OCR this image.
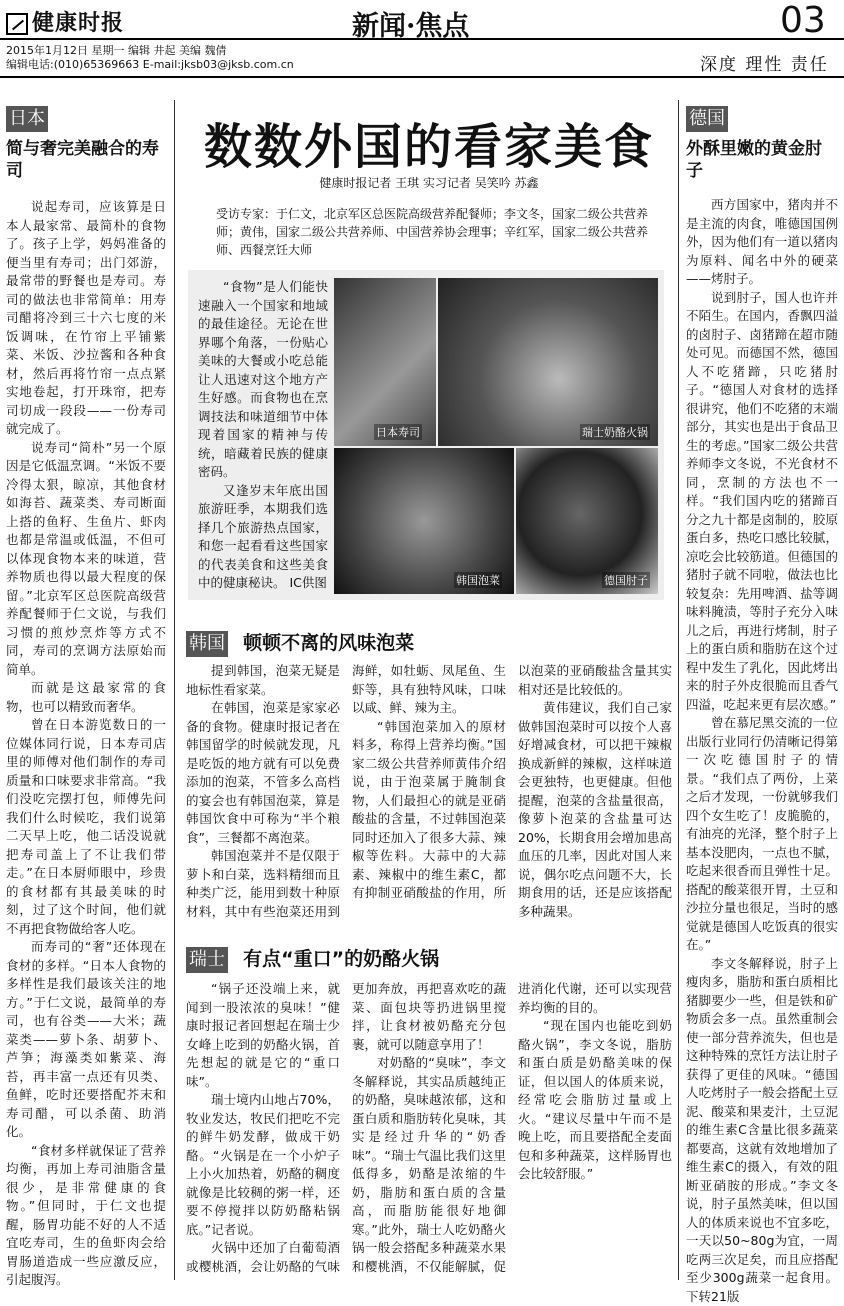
健康时报	新闻·焦点	03
2015年1月12日 星期一 编辑 井起 美编 魏倩
编辑电话:(010)65369663 E-mail:jksb03@jksb.com.cn	深度 理性 责任
日本
简与奢完美融合的寿司

说起寿司，应该算是日本人最家常、最简朴的食物了。孩子上学，妈妈准备的便当里有寿司；出门郊游，最常带的野餐也是寿司。寿司的做法也非常简单：用寿司醋将冷到三十六七度的米饭调味，在竹帘上平铺紫菜、米饭、沙拉酱和各种食材，然后再将竹帘一点点紧实地卷起，打开珠帘，把寿司切成一段段——一份寿司就完成了。

说寿司“简朴”另一个原因是它低温烹调。“米饭不要冷得太狠，晾凉，其他食材如海苔、蔬菜类、寿司断面上搭的鱼籽、生鱼片、虾肉也都是常温或低温，不但可以体现食物本来的味道，营养物质也得以最大程度的保留。”北京军区总医院高级营养配餐师于仁文说，与我们习惯的煎炒烹炸等方式不同，寿司的烹调方法原始而简单。

而就是这最家常的食物，也可以精致而奢华。

曾在日本游览数日的一位媒体同行说，日本寿司店里的师傅对他们制作的寿司质量和口味要求非常高。“我们没吃完摆打包，师傅先问我们什么时候吃，我们说第二天早上吃，他二话没说就把寿司盖上了不让我们带走。”在日本厨师眼中，珍贵的食材都有其最美味的时刻，过了这个时间，他们就不再把食物做给客人吃。

而寿司的“奢”还体现在食材的多样。“日本人食物的多样性是我们最该关注的地方。”于仁文说，最简单的寿司，也有谷类——大米；蔬菜类——萝卜条、胡萝卜、芦笋；海藻类如紫菜、海苔，再丰富一点还有贝类、鱼鲜，吃时还要搭配芥末和寿司醋，可以杀菌、助消化。

“食材多样就保证了营养均衡，再加上寿司油脂含量很少，是非常健康的食物。”但同时，于仁文也提醒，肠胃功能不好的人不适宜吃寿司，生的鱼虾肉会给胃肠道造成一些应激反应，引起腹泻。

数数外国的看家美食
健康时报记者 王琪 实习记者 吴笑吟 苏鑫
受访专家：于仁文，北京军区总医院高级营养配餐师；李文冬，国家二级公共营养师；黄伟，国家二级公共营养师、中国营养协会理事；辛红军，国家二级公共营养师、西餐烹饪大师

“食物”是人们能快速融入一个国家和地域的最佳途径。无论在世界哪个角落，一份贴心美味的大餐或小吃总能让人迅速对这个地方产生好感。而食物也在烹调技法和味道细节中体现着国家的精神与传统，暗藏着民族的健康密码。

又逢岁末年底出国旅游旺季，本期我们选择几个旅游热点国家，和您一起看看这些国家的代表美食和这些美食中的健康秘诀。 IC供图

日本寿司	瑞士奶酪火锅
韩国泡菜	德国肘子
韩国 顿顿不离的风味泡菜

提到韩国，泡菜无疑是地标性看家菜。

在韩国，泡菜是家家必备的食物。健康时报记者在韩国留学的时候就发现，凡是吃饭的地方就有可以免费添加的泡菜，不管多么高档的宴会也有韩国泡菜，算是韩国饮食中可称为“半个粮食”，三餐都不离泡菜。

韩国泡菜并不是仅限于萝卜和白菜，选料精细而且种类广泛，能用到数十种原材料，其中有些泡菜还用到海鲜，如牡蛎、凤尾鱼、生虾等，具有独特风味，口味以咸、鲜、辣为主。

“韩国泡菜加入的原材料多，称得上营养均衡。”国家二级公共营养师黄伟介绍说，由于泡菜属于腌制食物，人们最担心的就是亚硝酸盐的含量，不过韩国泡菜同时还加入了很多大蒜、辣椒等佐料。大蒜中的大蒜素、辣椒中的维生素C，都有抑制亚硝酸盐的作用，所以泡菜的亚硝酸盐含量其实相对还是比较低的。

黄伟建议，我们自己家做韩国泡菜时可以按个人喜好增减食材，可以把干辣椒换成新鲜的辣椒，这样味道会更独特，也更健康。但他提醒，泡菜的含盐量很高，像萝卜泡菜的含盐量可达20%，长期食用会增加患高血压的几率，因此对国人来说，偶尔吃点问题不大，长期食用的话，还是应该搭配多种蔬果。

瑞士 有点“重口”的奶酪火锅

“锅子还没端上来，就闻到一股浓浓的臭味！”健康时报记者回想起在瑞士少女峰上吃到的奶酪火锅，首先想起的就是它的“重口味”。

瑞士境内山地占70%，牧业发达，牧民们把吃不完的鲜牛奶发酵，做成干奶酪。“火锅是在一个小炉子上小火加热着，奶酪的稠度就像是比较稠的粥一样，还要不停搅拌以防奶酪粘锅底。”记者说。

火锅中还加了白葡萄酒或樱桃酒，会让奶酪的气味更加奔放，再把喜欢吃的蔬菜、面包块等扔进锅里搅拌，让食材被奶酪充分包裹，就可以随意享用了！

对奶酪的“臭味”，李文冬解释说，其实品质越纯正的奶酪，臭味越浓郁，这和蛋白质和脂肪转化臭味，其实是经过升华的“奶香味”。“瑞士气温比我们这里低得多，奶酪是浓缩的牛奶，脂肪和蛋白质的含量高，而脂肪能很好地御寒。”此外，瑞士人吃奶酪火锅一般会搭配多种蔬菜水果和樱桃酒，不仅能解腻，促进消化代谢，还可以实现营养均衡的目的。

“现在国内也能吃到奶酪火锅”，李文冬说，脂肪和蛋白质是奶酪美味的保证，但以国人的体质来说，经常吃会脂肪过量或上火。“建议尽量中午而不是晚上吃，而且要搭配全麦面包和多种蔬菜，这样肠胃也会比较舒服。”

德国
外酥里嫩的黄金肘子

西方国家中，猪肉并不是主流的肉食，唯德国国例外，因为他们有一道以猪肉为原料、闻名中外的硬菜——烤肘子。

说到肘子，国人也许并不陌生。在国内，香飘四溢的卤肘子、卤猪蹄在超市随处可见。而德国不然，德国人不吃猪蹄，只吃猪肘子。“德国人对食材的选择很讲究，他们不吃猪的末端部分，其实也是出于食品卫生的考虑。”国家二级公共营养师李文冬说，不光食材不同，烹制的方法也不一样。“我们国内吃的猪蹄百分之九十都是卤制的，胶原蛋白多，热吃口感比较腻，凉吃会比较筋道。但德国的猪肘子就不同啦，做法也比较复杂：先用啤酒、盐等调味料腌渍，等肘子充分入味儿之后，再进行烤制，肘子上的蛋白质和脂肪在这个过程中发生了乳化，因此烤出来的肘子外皮很脆而且香气四溢，吃起来更有层次感。”

曾在慕尼黑交流的一位出版行业同行仍清晰记得第一次吃德国肘子的情景。“我们点了两份，上菜之后才发现，一份就够我们四个女生吃了！皮脆脆的，有油亮的光泽，整个肘子上基本没肥肉，一点也不腻，吃起来很香而且弹性十足。搭配的酸菜很开胃，土豆和沙拉分量也很足，当时的感觉就是德国人吃饭真的很实在。”

李文冬解释说，肘子上瘦肉多，脂肪和蛋白质相比猪脚要少一些，但是铁和矿物质会多一点。虽然重制会使一部分营养流失，但也是这种特殊的烹饪方法让肘子获得了更佳的风味。“德国人吃烤肘子一般会搭配土豆泥、酸菜和果麦汁，土豆泥的维生素C含量比很多蔬菜都要高，这就有效地增加了维生素C的摄入，有效的阻断亚硝胺的形成。”李文冬说，肘子虽然美味，但以国人的体质来说也不宜多吃，一天以50~80g为宜，一周吃两三次足矣，而且应搭配至少300g蔬菜一起食用。 下转21版
